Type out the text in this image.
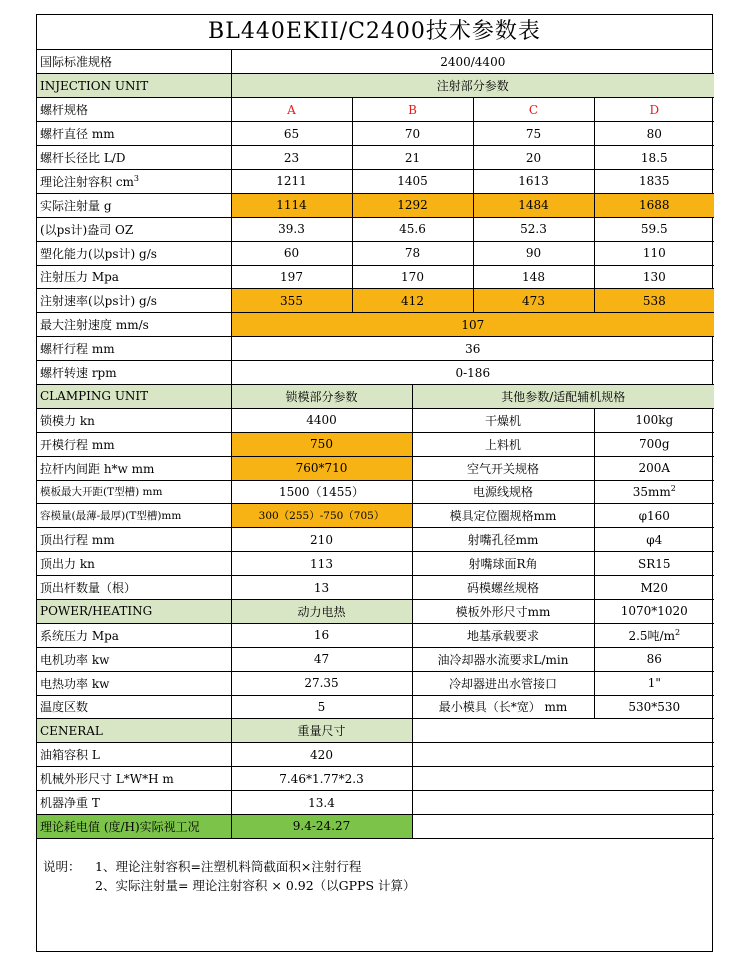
BL440EKII/C2400技术参数表
国际标准规格	2400/4400				
INJECTION UNIT	注射部分参数				
螺杆规格	A	B		C	D
螺杆直径 mm	65	70		75	80
螺杆长径比 L/D	23	21		20	18.5
理论注射容积 $cm^3$	1211	1405		1613	1835
实际注射量 g	1114	1292		1484	1688
(以ps计)盎司 OZ	39.3	45.6		52.3	59.5
塑化能力(以ps计) g/s	60	78		90	110
注射压力 Mpa	197	170		148	130
注射速率(以ps计) g/s	355	412		473	538
最大注射速度 mm/s	107				
螺杆行程 mm	36				
螺杆转速 rpm	0-186				
CLAMPING UNIT	锁模部分参数		其他参数/适配辅机规格		
锁模力 kn	4400		干燥机		100kg
开模行程 mm	750		上料机		700g
拉杆内间距 h*w mm	760*710		空气开关规格		200A
模板最大开距(T型槽) mm	1500（1455）		电源线规格		$35mm^2$
容模量(最薄-最厚)(T型槽)mm	300（255）-750（705）		模具定位圈规格mm		φ160
顶出行程 mm	210		射嘴孔径mm		φ4
顶出力 kn	113		射嘴球面R角		SR15
顶出杆数量（根）	13		码模螺丝规格		M20
POWER/HEATING	动力电热		模板外形尺寸mm		1070*1020
系统压力 Mpa	16		地基承载要求		2.5吨$/m^2$
电机功率 kw	47		油冷却器水流要求L/min		86
电热功率 kw	27.35		冷却器进出水管接口		1"
温度区数	5		最小模具（长*宽） mm		530*530
CENERAL	重量尺寸				
油箱容积 L	420				
机械外形尺寸 L*W*H m	7.46*1.77*2.3				
机器净重 T	13.4				
理论耗电值 (度/H)实际视工况	9.4-24.27				
说明： 1、理论注射容积=注塑机料筒截面积×注射行程
2、实际注射量= 理论注射容积 × 0.92（以GPPS 计算）
